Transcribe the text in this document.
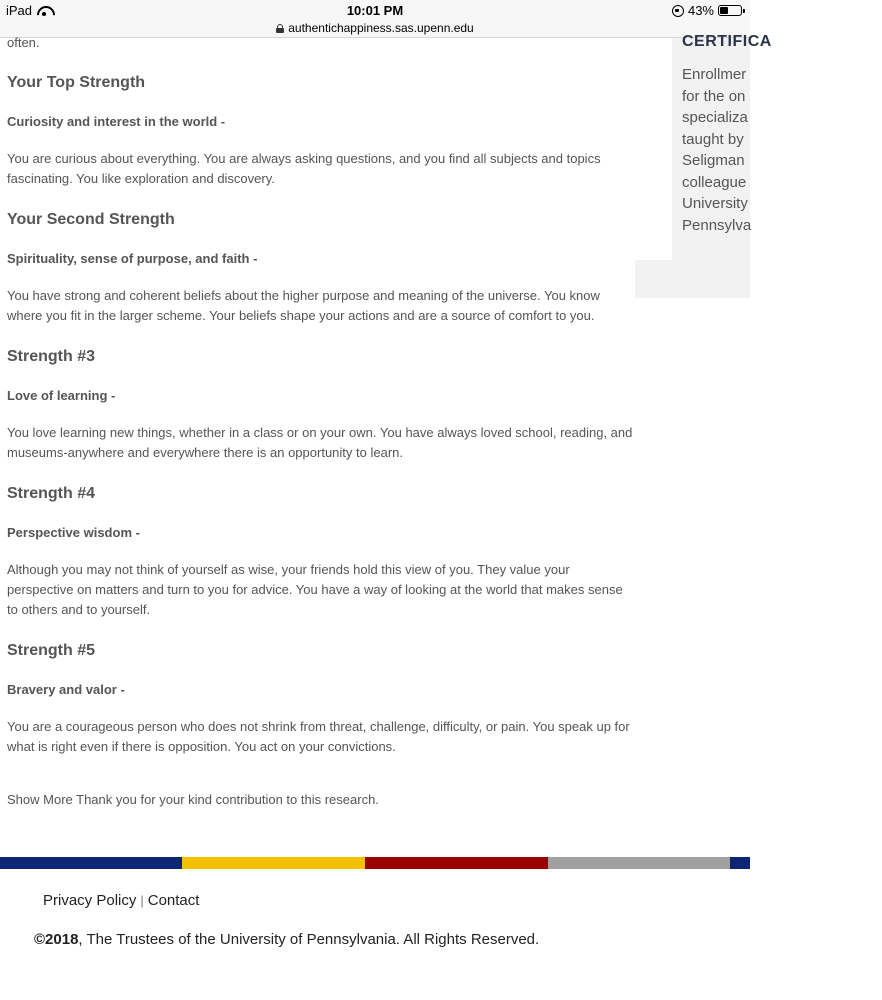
iPad	10:01 PM	43%
authentichappiness.sas.upenn.edu
often.
Your Top Strength
Curiosity and interest in the world -
You are curious about everything. You are always asking questions, and you find all subjects and topics fascinating. You like exploration and discovery.
Your Second Strength
Spirituality, sense of purpose, and faith -
You have strong and coherent beliefs about the higher purpose and meaning of the universe. You know where you fit in the larger scheme. Your beliefs shape your actions and are a source of comfort to you.
Strength #3
Love of learning -
You love learning new things, whether in a class or on your own. You have always loved school, reading, and museums-anywhere and everywhere there is an opportunity to learn.
Strength #4
Perspective wisdom -
Although you may not think of yourself as wise, your friends hold this view of you. They value your perspective on matters and turn to you for advice. You have a way of looking at the world that makes sense to others and to yourself.
Strength #5
Bravery and valor -
You are a courageous person who does not shrink from threat, challenge, difficulty, or pain. You speak up for what is right even if there is opposition. You act on your convictions.
Show More Thank you for your kind contribution to this research.
CERTIFICA
Enrollmer
for the on
specializa
taught by
Seligman
colleague
University
Pennsylva
Privacy Policy | Contact
©2018, The Trustees of the University of Pennsylvania. All Rights Reserved.
